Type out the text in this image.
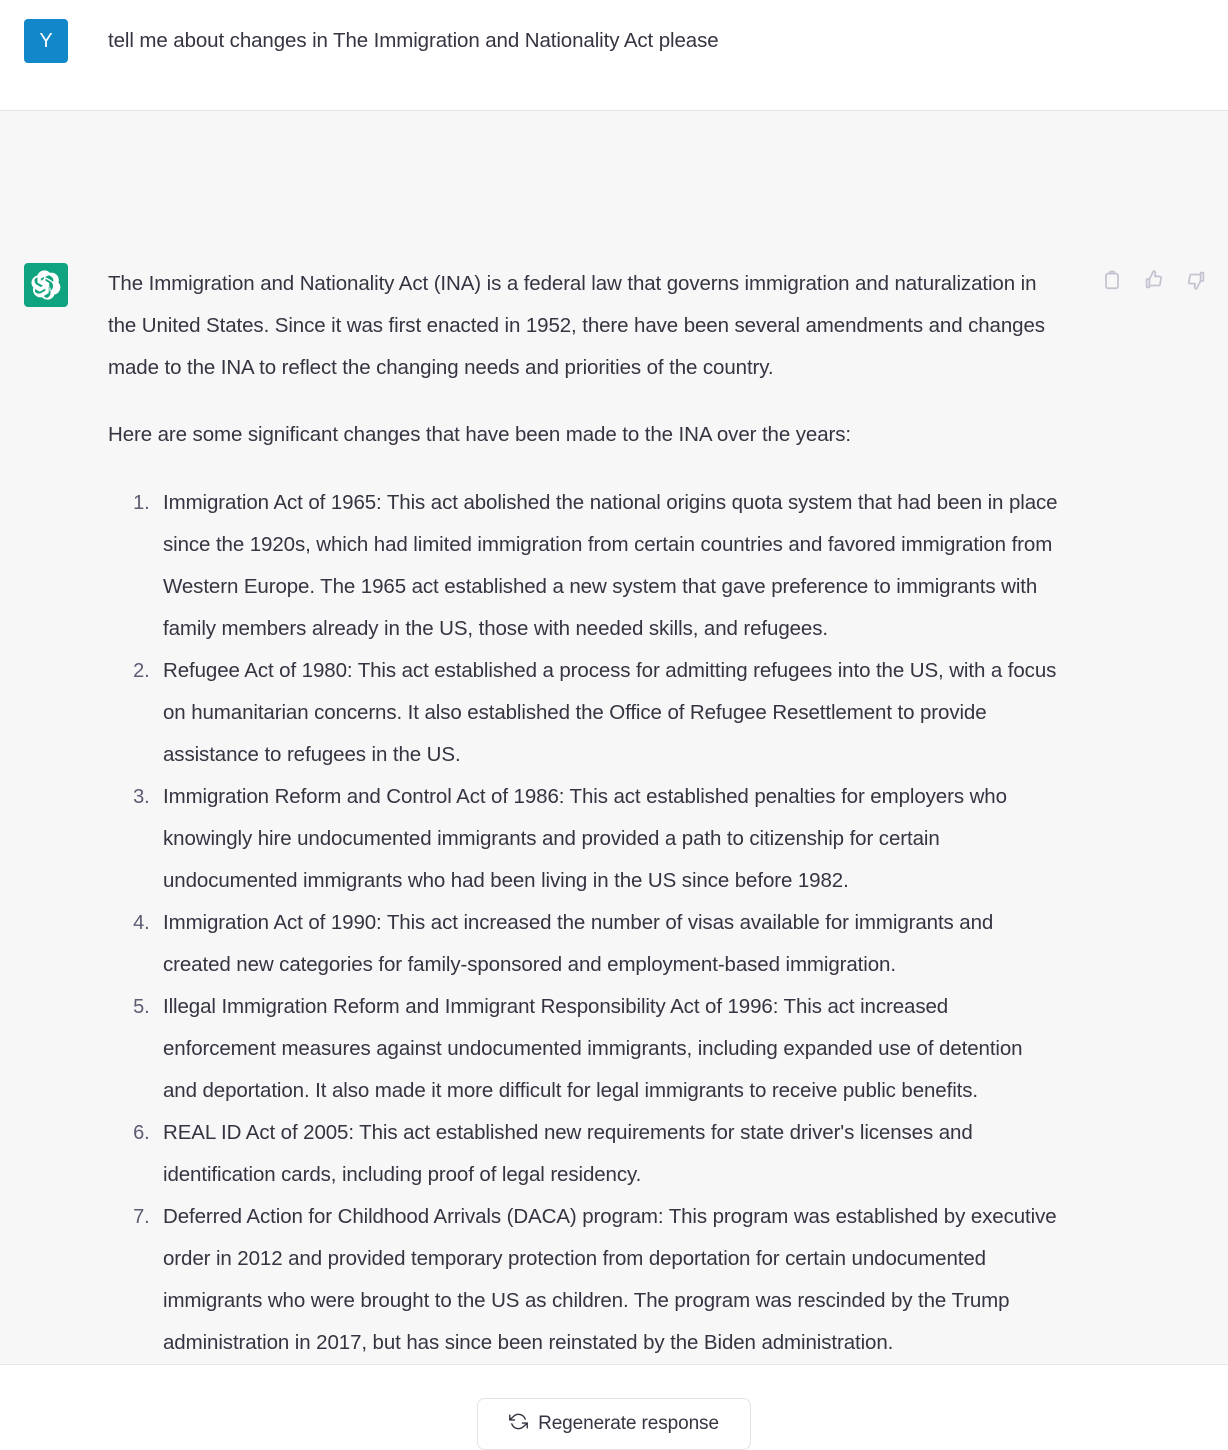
Y	tell me about changes in The Immigration and Nationality Act please

The Immigration and Nationality Act (INA) is a federal law that governs immigration and naturalization in the United States. Since it was first enacted in 1952, there have been several amendments and changes made to the INA to reflect the changing needs and priorities of the country.

Here are some significant changes that have been made to the INA over the years:

1. Immigration Act of 1965: This act abolished the national origins quota system that had been in place since the 1920s, which had limited immigration from certain countries and favored immigration from Western Europe. The 1965 act established a new system that gave preference to immigrants with family members already in the US, those with needed skills, and refugees.
2. Refugee Act of 1980: This act established a process for admitting refugees into the US, with a focus on humanitarian concerns. It also established the Office of Refugee Resettlement to provide assistance to refugees in the US.
3. Immigration Reform and Control Act of 1986: This act established penalties for employers who knowingly hire undocumented immigrants and provided a path to citizenship for certain undocumented immigrants who had been living in the US since before 1982.
4. Immigration Act of 1990: This act increased the number of visas available for immigrants and created new categories for family-sponsored and employment-based immigration.
5. Illegal Immigration Reform and Immigrant Responsibility Act of 1996: This act increased enforcement measures against undocumented immigrants, including expanded use of detention and deportation. It also made it more difficult for legal immigrants to receive public benefits.
6. REAL ID Act of 2005: This act established new requirements for state driver's licenses and identification cards, including proof of legal residency.
7. Deferred Action for Childhood Arrivals (DACA) program: This program was established by executive order in 2012 and provided temporary protection from deportation for certain undocumented immigrants who were brought to the US as children. The program was rescinded by the Trump administration in 2017, but has since been reinstated by the Biden administration.
Regenerate response
